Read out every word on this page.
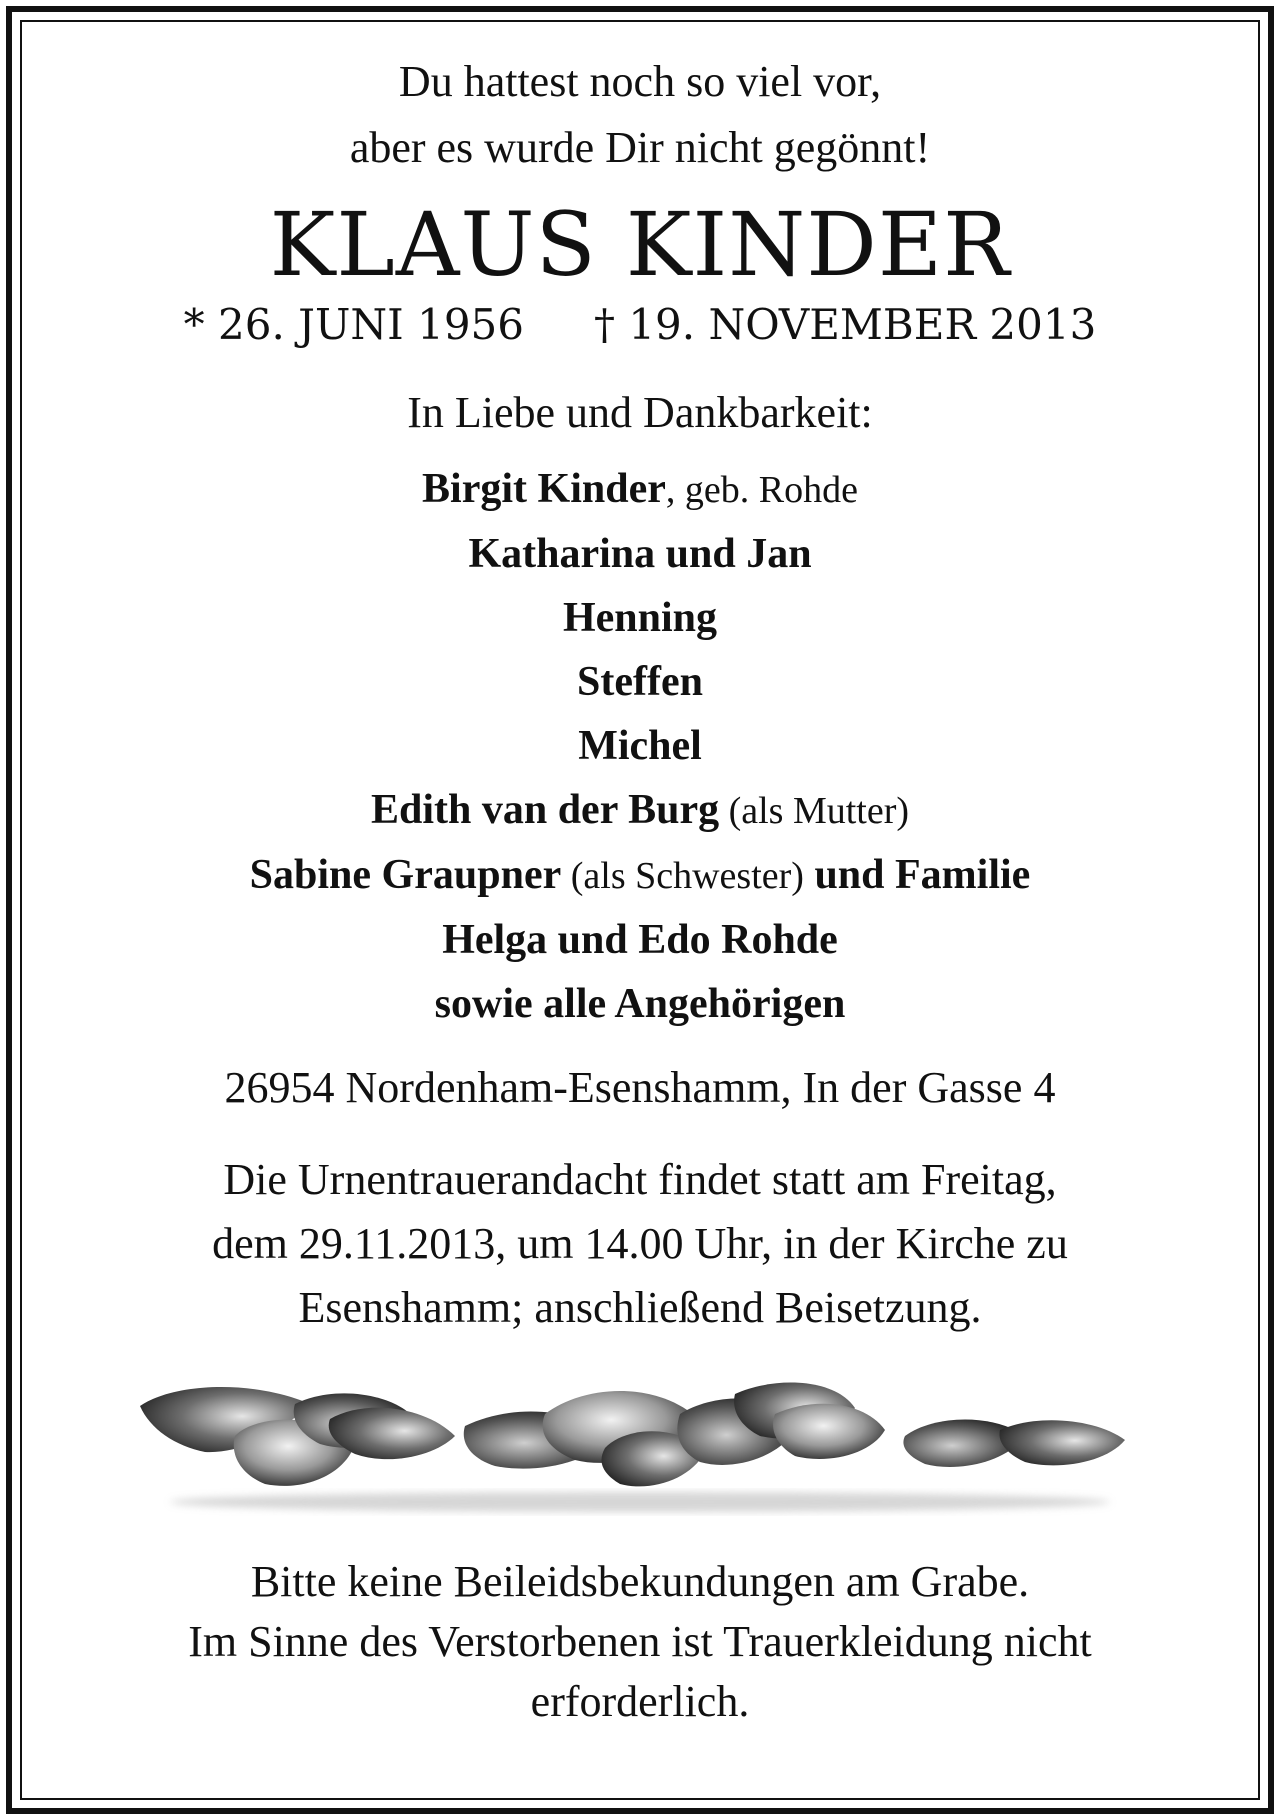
Du hattest noch so viel vor,
aber es wurde Dir nicht gegönnt!
KLAUS KINDER
* 26. JUNI 1956 † 19. NOVEMBER 2013
In Liebe und Dankbarkeit:
Birgit Kinder, geb. Rohde
Katharina und Jan
Henning
Steffen
Michel
Edith van der Burg (als Mutter)
Sabine Graupner (als Schwester) und Familie
Helga und Edo Rohde
sowie alle Angehörigen
26954 Nordenham-Esenshamm, In der Gasse 4
Die Urnentrauerandacht findet statt am Freitag,
dem 29.11.2013, um 14.00 Uhr, in der Kirche zu
Esenshamm; anschließend Beisetzung.
Bitte keine Beileidsbekundungen am Grabe.
Im Sinne des Verstorbenen ist Trauerkleidung nicht
erforderlich.
